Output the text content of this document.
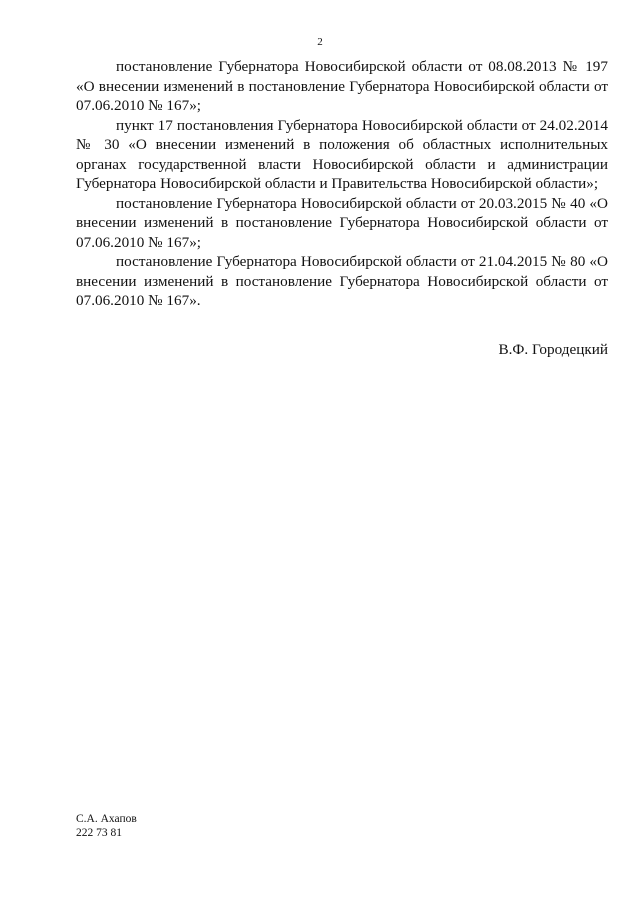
2

постановление Губернатора Новосибирской области от 08.08.2013 № 197 «О внесении изменений в постановление Губернатора Новосибирской области от 07.06.2010 № 167»;

пункт 17 постановления Губернатора Новосибирской области от 24.02.2014 № 30 «О внесении изменений в положения об областных исполнительных органах государственной власти Новосибирской области и администрации Губернатора Новосибирской области и Правительства Новосибирской области»;

постановление Губернатора Новосибирской области от 20.03.2015 № 40 «О внесении изменений в постановление Губернатора Новосибирской области от 07.06.2010 № 167»;

постановление Губернатора Новосибирской области от 21.04.2015 № 80 «О внесении изменений в постановление Губернатора Новосибирской области от 07.06.2010 № 167».

В.Ф. Городецкий
С.А. Ахапов
222 73 81
